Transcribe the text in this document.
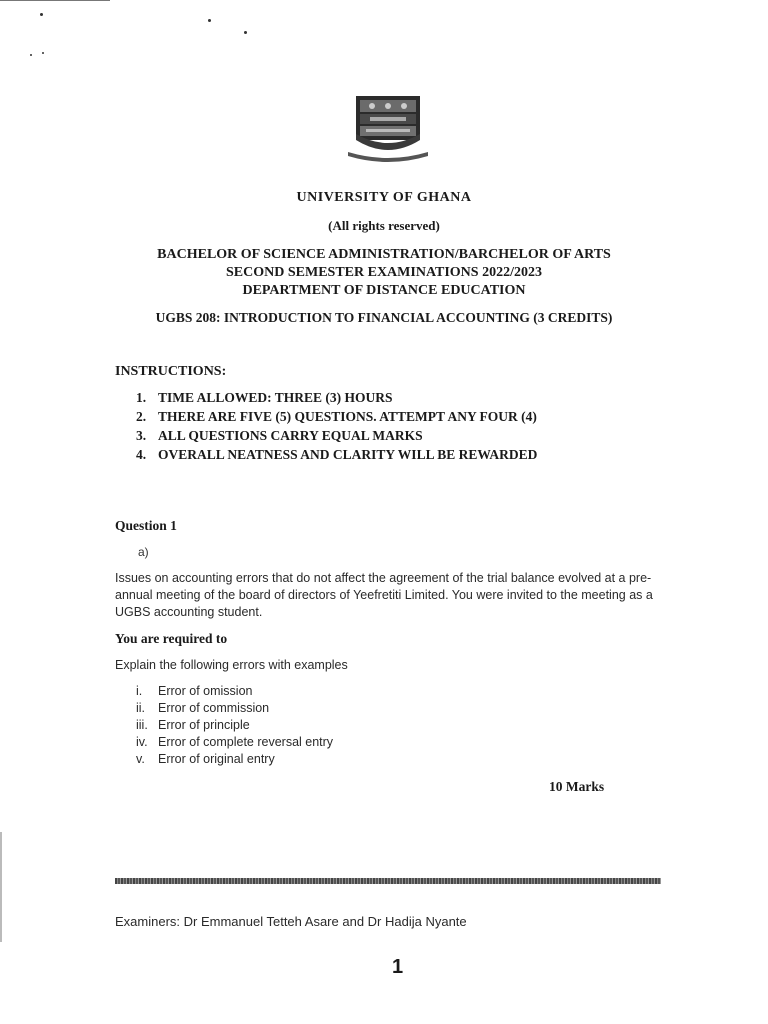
UNIVERSITY OF GHANA
(All rights reserved)
BACHELOR OF SCIENCE ADMINISTRATION/BARCHELOR OF ARTS
SECOND SEMESTER EXAMINATIONS 2022/2023
DEPARTMENT OF DISTANCE EDUCATION
UGBS 208: INTRODUCTION TO FINANCIAL ACCOUNTING (3 CREDITS)
INSTRUCTIONS:
1. TIME ALLOWED: THREE (3) HOURS
2. THERE ARE FIVE (5) QUESTIONS. ATTEMPT ANY FOUR (4)
3. ALL QUESTIONS CARRY EQUAL MARKS
4. OVERALL NEATNESS AND CLARITY WILL BE REWARDED
Question 1
a)
Issues on accounting errors that do not affect the agreement of the trial balance evolved at a pre-annual meeting of the board of directors of Yeefretiti Limited. You were invited to the meeting as a UGBS accounting student.
You are required to
Explain the following errors with examples
i.	Error of omission
ii.	Error of commission
iii. Error of principle
iv. Error of complete reversal entry
v.	Error of original entry
10 Marks
Examiners: Dr Emmanuel Tetteh Asare and Dr Hadija Nyante
1
